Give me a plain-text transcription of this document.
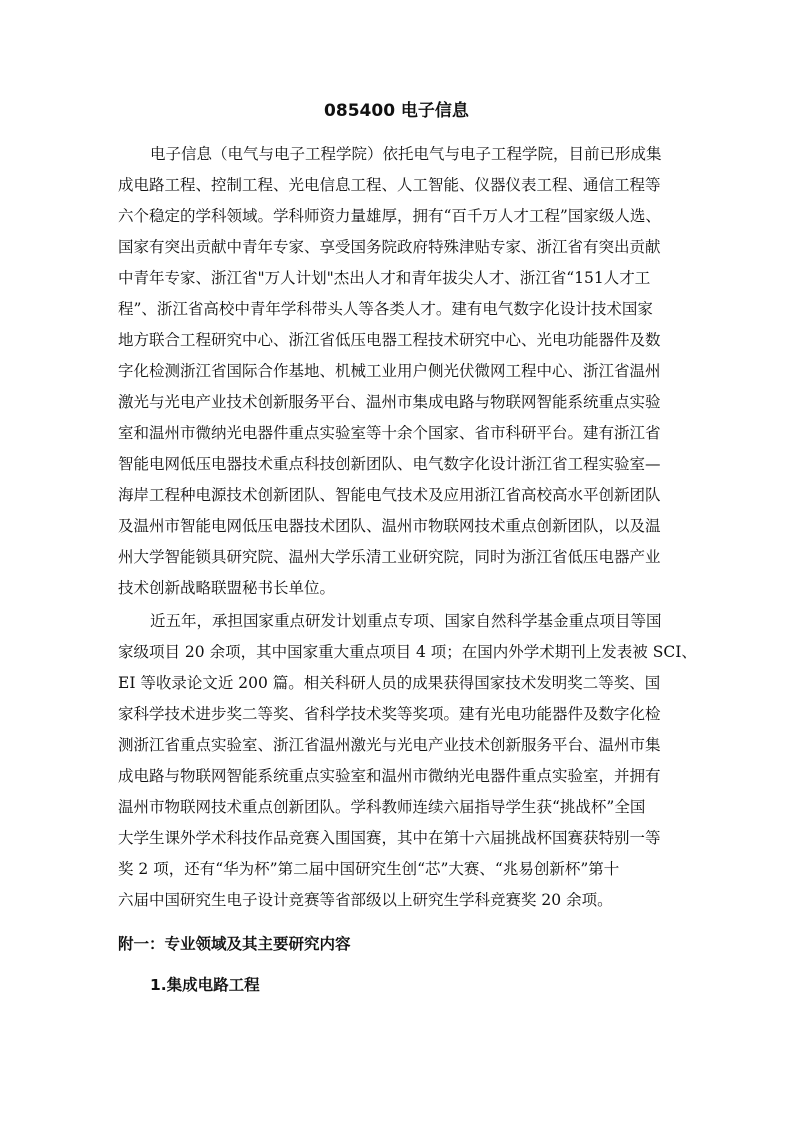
085400 电子信息
电子信息（电气与电子工程学院）依托电气与电子工程学院，目前已形成集
成电路工程、控制工程、光电信息工程、人工智能、仪器仪表工程、通信工程等
六个稳定的学科领域。学科师资力量雄厚，拥有“百千万人才工程”国家级人选、
国家有突出贡献中青年专家、享受国务院政府特殊津贴专家、浙江省有突出贡献
中青年专家、浙江省"万人计划"杰出人才和青年拔尖人才、浙江省“151人才工
程”、浙江省高校中青年学科带头人等各类人才。建有电气数字化设计技术国家
地方联合工程研究中心、浙江省低压电器工程技术研究中心、光电功能器件及数
字化检测浙江省国际合作基地、机械工业用户侧光伏微网工程中心、浙江省温州
激光与光电产业技术创新服务平台、温州市集成电路与物联网智能系统重点实验
室和温州市微纳光电器件重点实验室等十余个国家、省市科研平台。建有浙江省
智能电网低压电器技术重点科技创新团队、电气数字化设计浙江省工程实验室—
海岸工程种电源技术创新团队、智能电气技术及应用浙江省高校高水平创新团队
及温州市智能电网低压电器技术团队、温州市物联网技术重点创新团队，以及温
州大学智能锁具研究院、温州大学乐清工业研究院，同时为浙江省低压电器产业
技术创新战略联盟秘书长单位。
近五年，承担国家重点研发计划重点专项、国家自然科学基金重点项目等国
家级项目 20 余项，其中国家重大重点项目 4 项；在国内外学术期刊上发表被 SCI、
EI 等收录论文近 200 篇。相关科研人员的成果获得国家技术发明奖二等奖、国
家科学技术进步奖二等奖、省科学技术奖等奖项。建有光电功能器件及数字化检
测浙江省重点实验室、浙江省温州激光与光电产业技术创新服务平台、温州市集
成电路与物联网智能系统重点实验室和温州市微纳光电器件重点实验室，并拥有
温州市物联网技术重点创新团队。学科教师连续六届指导学生获“挑战杯”全国
大学生课外学术科技作品竞赛入围国赛，其中在第十六届挑战杯国赛获特别一等
奖 2 项，还有“华为杯”第二届中国研究生创“芯”大赛、“兆易创新杯”第十
六届中国研究生电子设计竞赛等省部级以上研究生学科竞赛奖 20 余项。
附一：专业领域及其主要研究内容
1.集成电路工程
